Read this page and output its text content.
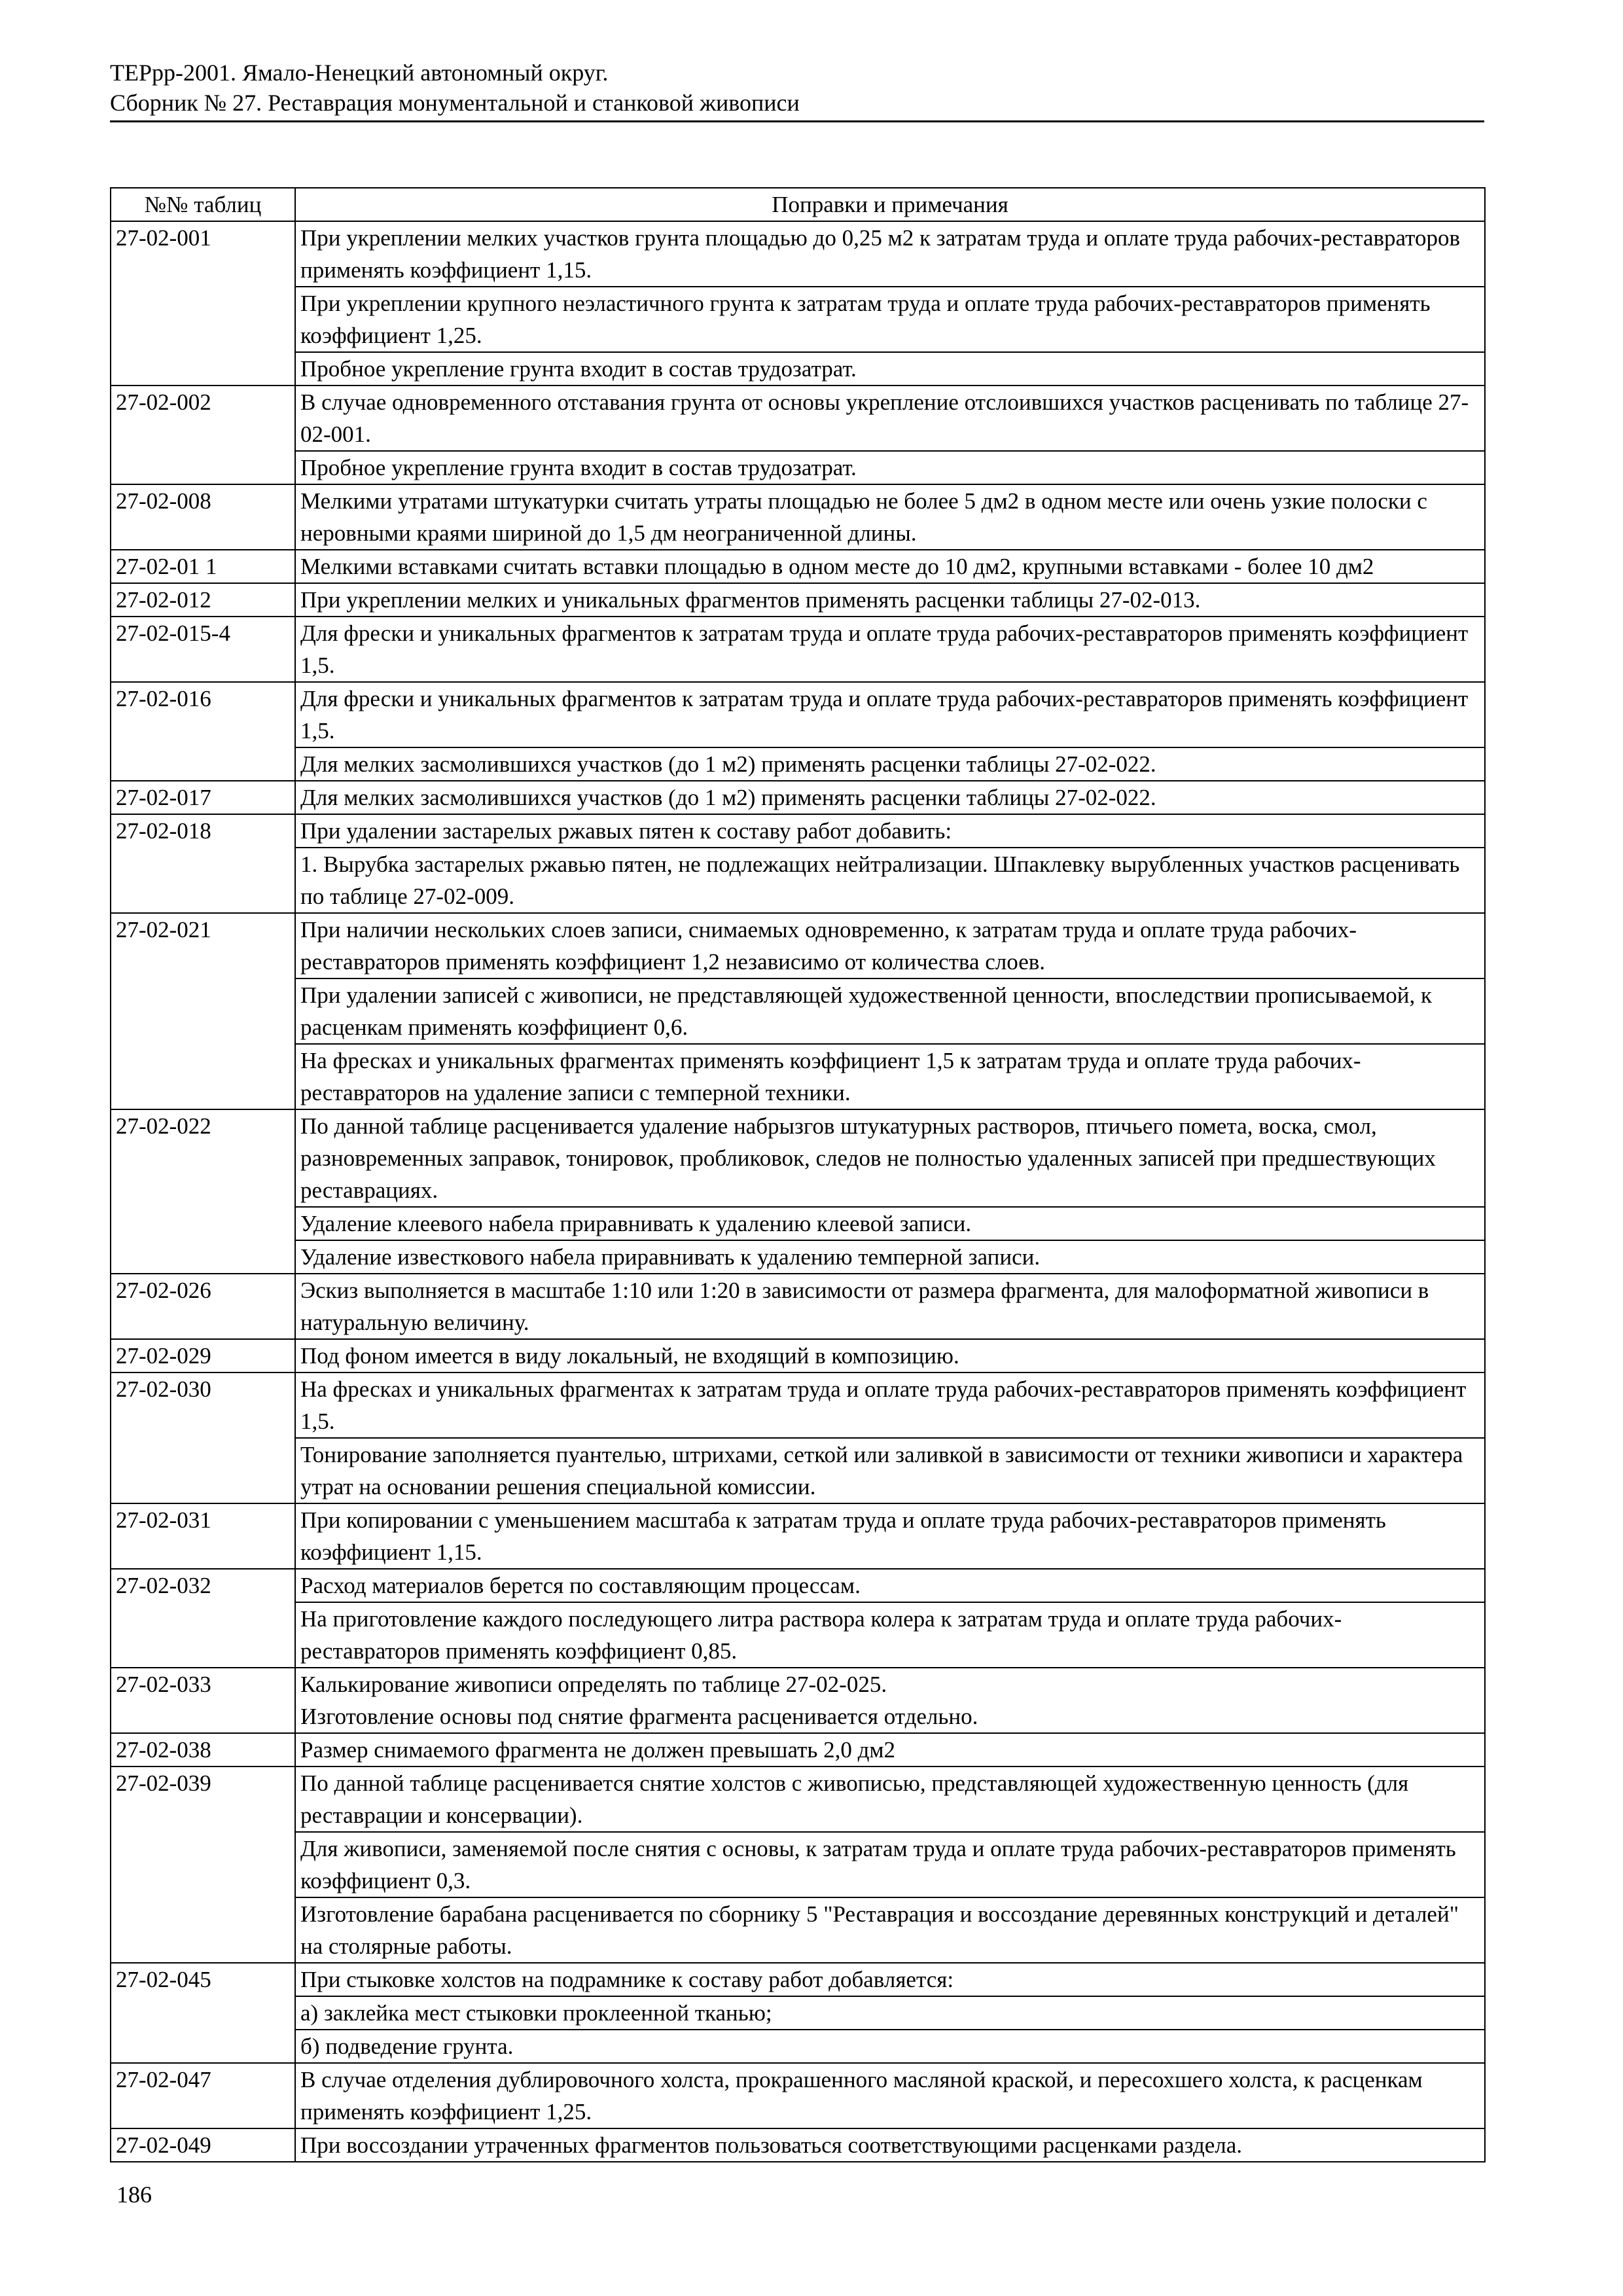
ТЕРрр-2001. Ямало-Ненецкий автономный округ.
Сборник № 27. Реставрация монументальной и станковой живописи
№№ таблиц	Поправки и примечания
27-02-001	При укреплении мелких участков грунта площадью до 0,25 м2 к затратам труда и оплате труда рабочих-реставраторов применять коэффициент 1,15.
	При укреплении крупного неэластичного грунта к затратам труда и оплате труда рабочих-реставраторов применять коэффициент 1,25.
	Пробное укрепление грунта входит в состав трудозатрат.
27-02-002	В случае одновременного отставания грунта от основы укрепление отслоившихся участков расценивать по таблице 27-02-001.
	Пробное укрепление грунта входит в состав трудозатрат.
27-02-008	Мелкими утратами штукатурки считать утраты площадью не более 5 дм2 в одном месте или очень узкие полоски с неровными краями шириной до 1,5 дм неограниченной длины.
27-02-01 1	Мелкими вставками считать вставки площадью в одном месте до 10 дм2, крупными вставками - более 10 дм2
27-02-012	При укреплении мелких и уникальных фрагментов применять расценки таблицы 27-02-013.
27-02-015-4	Для фрески и уникальных фрагментов к затратам труда и оплате труда рабочих-реставраторов применять коэффициент 1,5.
27-02-016	Для фрески и уникальных фрагментов к затратам труда и оплате труда рабочих-реставраторов применять коэффициент 1,5.
	Для мелких засмолившихся участков (до 1 м2) применять расценки таблицы 27-02-022.
27-02-017	Для мелких засмолившихся участков (до 1 м2) применять расценки таблицы 27-02-022.
27-02-018	При удалении застарелых ржавых пятен к составу работ добавить:
	1. Вырубка застарелых ржавью пятен, не подлежащих нейтрализации. Шпаклевку вырубленных участков расценивать по таблице 27-02-009.
27-02-021	При наличии нескольких слоев записи, снимаемых одновременно, к затратам труда и оплате труда рабочих-реставраторов применять коэффициент 1,2 независимо от количества слоев.
	При удалении записей с живописи, не представляющей художественной ценности, впоследствии прописываемой, к расценкам применять коэффициент 0,6.
	На фресках и уникальных фрагментах применять коэффициент 1,5 к затратам труда и оплате труда рабочих-реставраторов на удаление записи с темперной техники.
27-02-022	По данной таблице расценивается удаление набрызгов штукатурных растворов, птичьего помета, воска, смол, разновременных заправок, тонировок, пробликовок, следов не полностью удаленных записей при предшествующих реставрациях.
	Удаление клеевого набела приравнивать к удалению клеевой записи.
	Удаление известкового набела приравнивать к удалению темперной записи.
27-02-026	Эскиз выполняется в масштабе 1:10 или 1:20 в зависимости от размера фрагмента, для малоформатной живописи в натуральную величину.
27-02-029	Под фоном имеется в виду локальный, не входящий в композицию.
27-02-030	На фресках и уникальных фрагментах к затратам труда и оплате труда рабочих-реставраторов применять коэффициент 1,5.
	Тонирование заполняется пуантелью, штрихами, сеткой или заливкой в зависимости от техники живописи и характера утрат на основании решения специальной комиссии.
27-02-031	При копировании с уменьшением масштаба к затратам труда и оплате труда рабочих-реставраторов применять коэффициент 1,15.
27-02-032	Расход материалов берется по составляющим процессам.
	На приготовление каждого последующего литра раствора колера к затратам труда и оплате труда рабочих-реставраторов применять коэффициент 0,85.
27-02-033	Калькирование живописи определять по таблице 27-02-025.
Изготовление основы под снятие фрагмента расценивается отдельно.
27-02-038	Размер снимаемого фрагмента не должен превышать 2,0 дм2
27-02-039	По данной таблице расценивается снятие холстов с живописью, представляющей художественную ценность (для реставрации и консервации).
	Для живописи, заменяемой после снятия с основы, к затратам труда и оплате труда рабочих-реставраторов применять коэффициент 0,3.
	Изготовление барабана расценивается по сборнику 5 "Реставрация и воссоздание деревянных конструкций и деталей" на столярные работы.
27-02-045	При стыковке холстов на подрамнике к составу работ добавляется:
	а) заклейка мест стыковки проклеенной тканью;
	б) подведение грунта.
27-02-047	В случае отделения дублировочного холста, прокрашенного масляной краской, и пересохшего холста, к расценкам применять коэффициент 1,25.
27-02-049	При воссоздании утраченных фрагментов пользоваться соответствующими расценками раздела.
186
